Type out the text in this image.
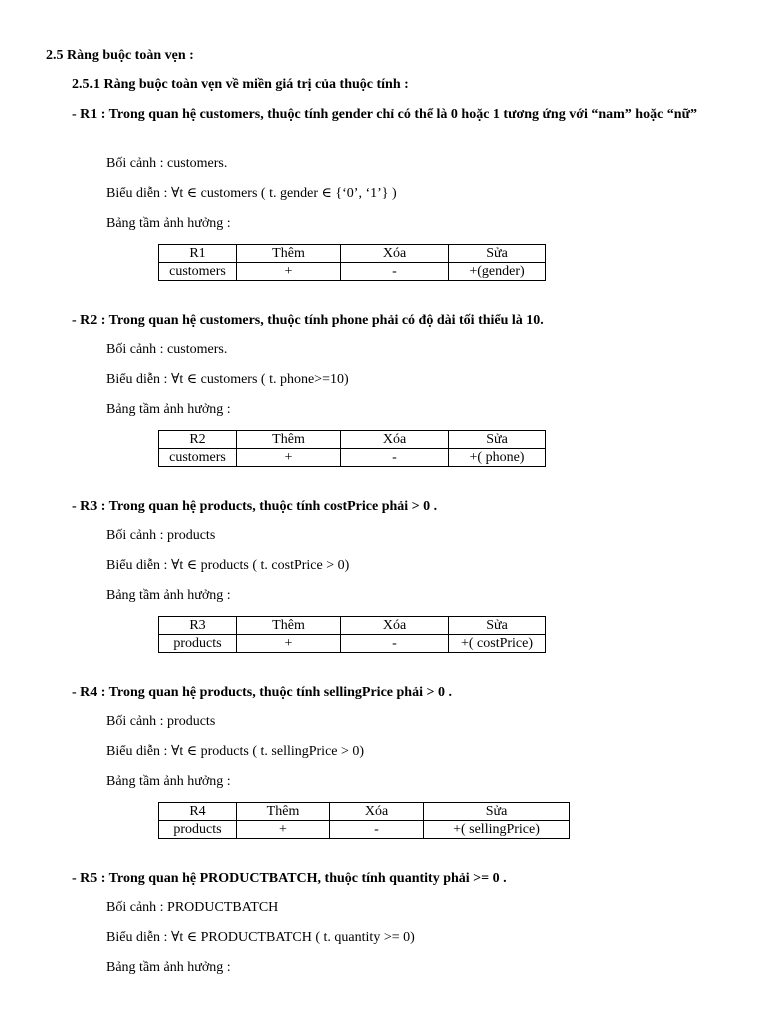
2.5 Ràng buộc toàn vẹn :
2.5.1 Ràng buộc toàn vẹn về miền giá trị của thuộc tính :
- R1 : Trong quan hệ customers, thuộc tính gender chỉ có thể là 0 hoặc 1 tương ứng với “nam” hoặc “nữ”
Bối cảnh : customers.
Biểu diễn : ∀t ∈ customers ( t. gender ∈ {‘0’, ‘1’} )
Bảng tầm ảnh hưởng :
R1	Thêm	Xóa	Sửa
customers	+	-	+(gender)
- R2 : Trong quan hệ customers, thuộc tính phone phải có độ dài tối thiểu là 10.
Bối cảnh : customers.
Biểu diễn : ∀t ∈ customers ( t. phone>=10)
Bảng tầm ảnh hưởng :
R2	Thêm	Xóa	Sửa
customers	+	-	+( phone)
- R3 : Trong quan hệ products, thuộc tính costPrice phải > 0 .
Bối cảnh : products
Biểu diễn : ∀t ∈ products ( t. costPrice > 0)
Bảng tầm ảnh hưởng :
R3	Thêm	Xóa	Sửa
products	+	-	+( costPrice)
- R4 : Trong quan hệ products, thuộc tính sellingPrice phải > 0 .
Bối cảnh : products
Biểu diễn : ∀t ∈ products ( t. sellingPrice > 0)
Bảng tầm ảnh hưởng :
R4	Thêm	Xóa	Sửa
products	+	-	+( sellingPrice)
- R5 : Trong quan hệ PRODUCTBATCH, thuộc tính quantity phải >= 0 .
Bối cảnh : PRODUCTBATCH
Biểu diễn : ∀t ∈ PRODUCTBATCH ( t. quantity >= 0)
Bảng tầm ảnh hưởng :
